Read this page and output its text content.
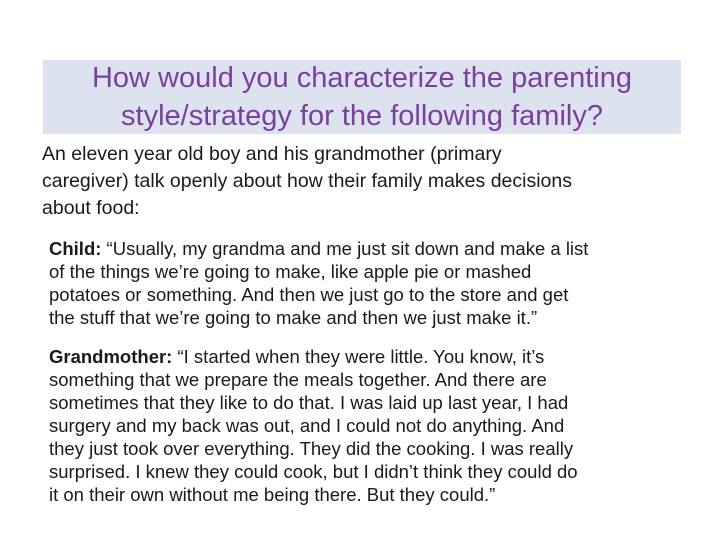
How would you characterize the parenting
style/strategy for the following family?

An eleven year old boy and his grandmother (primary
caregiver) talk openly about how their family makes decisions
about food:

Child: “Usually, my grandma and me just sit down and make a list
of the things we’re going to make, like apple pie or mashed
potatoes or something. And then we just go to the store and get
the stuff that we’re going to make and then we just make it.”

Grandmother: “I started when they were little. You know, it’s
something that we prepare the meals together. And there are
sometimes that they like to do that. I was laid up last year, I had
surgery and my back was out, and I could not do anything. And
they just took over everything. They did the cooking. I was really
surprised. I knew they could cook, but I didn’t think they could do
it on their own without me being there. But they could.”
